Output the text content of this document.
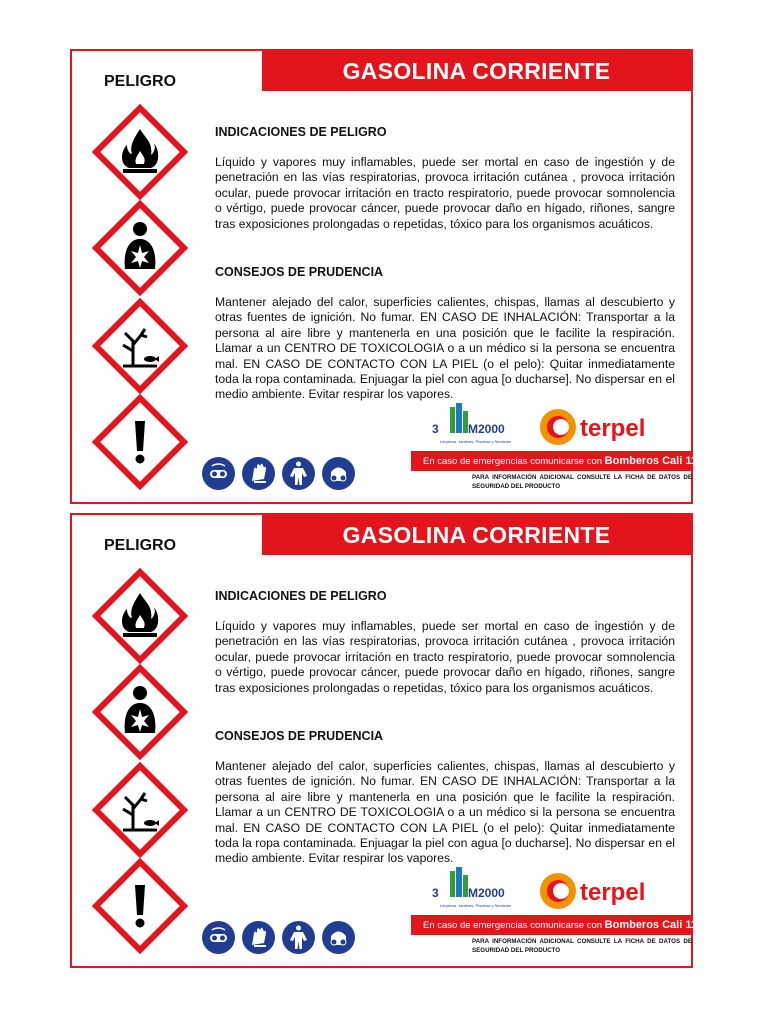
GASOLINA CORRIENTE
PELIGRO
INDICACIONES DE PELIGRO
Líquido y vapores muy inflamables, puede ser mortal en caso de ingestión y de penetración en las vías respiratorias, provoca irritación cutánea , provoca irritación ocular, puede provocar irritación en tracto respiratorio, puede provocar somnolencia o vértigo, puede provocar cáncer, puede provocar daño en hígado, riñones, sangre tras exposiciones prolongadas o repetidas, tóxico para los organismos acuáticos.
CONSEJOS DE PRUDENCIA
Mantener alejado del calor, superficies calientes, chispas, llamas al descubierto y otras fuentes de ignición. No fumar. EN CASO DE INHALACIÓN: Transportar a la persona al aire libre y mantenerla en una posición que le facilite la respiración. Llamar a un CENTRO DE TOXICOLOGIA o a un médico si la persona se encuentra mal. EN CASO DE CONTACTO CON LA PIEL (o el pelo): Quitar inmediatamente toda la ropa contaminada. Enjuagar la piel con agua [o ducharse]. No dispersar en el medio ambiente. Evitar respirar los vapores.
3 M2000
Limpieza, Jardines, Piscinas y Servicios	terpel
En caso de emergencias comunicarse con Bomberos Cali 119
PARA INFORMACIÓN ADICIONAL CONSULTE LA FICHA DE DATOS DE SEGURIDAD DEL PRODUCTO
GASOLINA CORRIENTE
PELIGRO
INDICACIONES DE PELIGRO
Líquido y vapores muy inflamables, puede ser mortal en caso de ingestión y de penetración en las vías respiratorias, provoca irritación cutánea , provoca irritación ocular, puede provocar irritación en tracto respiratorio, puede provocar somnolencia o vértigo, puede provocar cáncer, puede provocar daño en hígado, riñones, sangre tras exposiciones prolongadas o repetidas, tóxico para los organismos acuáticos.
CONSEJOS DE PRUDENCIA
Mantener alejado del calor, superficies calientes, chispas, llamas al descubierto y otras fuentes de ignición. No fumar. EN CASO DE INHALACIÓN: Transportar a la persona al aire libre y mantenerla en una posición que le facilite la respiración. Llamar a un CENTRO DE TOXICOLOGIA o a un médico si la persona se encuentra mal. EN CASO DE CONTACTO CON LA PIEL (o el pelo): Quitar inmediatamente toda la ropa contaminada. Enjuagar la piel con agua [o ducharse]. No dispersar en el medio ambiente. Evitar respirar los vapores.
3 M2000
Limpieza, Jardines, Piscinas y Servicios	terpel
En caso de emergencias comunicarse con Bomberos Cali 119
PARA INFORMACIÓN ADICIONAL CONSULTE LA FICHA DE DATOS DE SEGURIDAD DEL PRODUCTO
